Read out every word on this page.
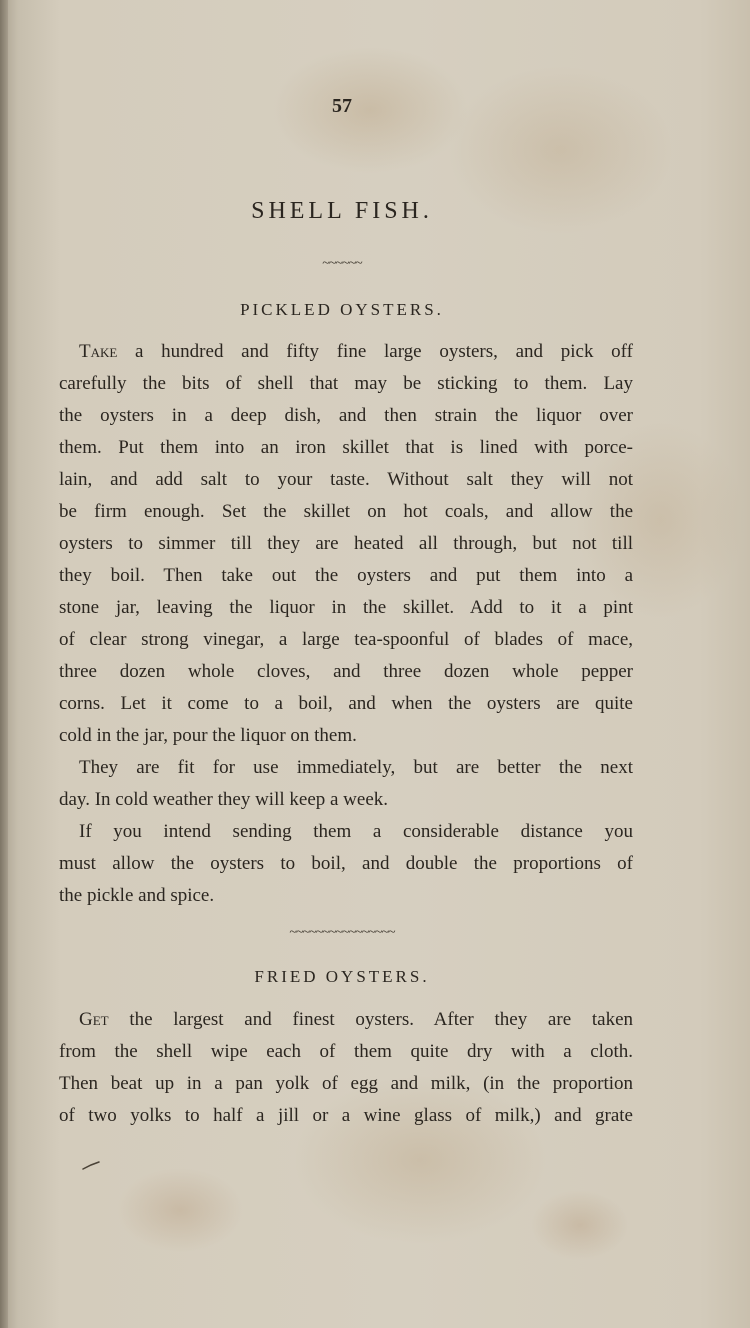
57
SHELL FISH.
~~~~~~
PICKLED OYSTERS.
Take a hundred and fifty fine large oysters, and pick off
carefully the bits of shell that may be sticking to them. Lay
the oysters in a deep dish, and then strain the liquor over
them. Put them into an iron skillet that is lined with porce-
lain, and add salt to your taste. Without salt they will not
be firm enough. Set the skillet on hot coals, and allow the
oysters to simmer till they are heated all through, but not till
they boil. Then take out the oysters and put them into a
stone jar, leaving the liquor in the skillet. Add to it a pint
of clear strong vinegar, a large tea-spoonful of blades of mace,
three dozen whole cloves, and three dozen whole pepper
corns. Let it come to a boil, and when the oysters are quite
cold in the jar, pour the liquor on them.
They are fit for use immediately, but are better the next
day. In cold weather they will keep a week.
If you intend sending them a considerable distance you
must allow the oysters to boil, and double the proportions of
the pickle and spice.
~~~~~~~~~~~~~~~~
FRIED OYSTERS.
Get the largest and finest oysters. After they are taken
from the shell wipe each of them quite dry with a cloth.
Then beat up in a pan yolk of egg and milk, (in the proportion
of two yolks to half a jill or a wine glass of milk,) and grate
